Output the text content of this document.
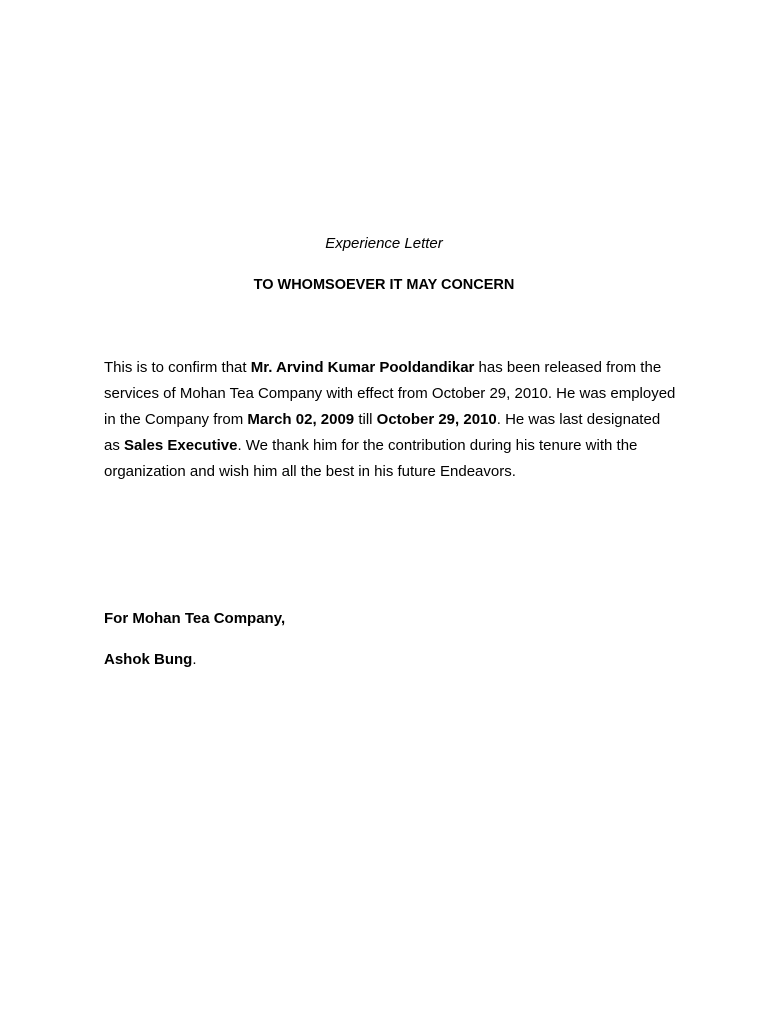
Experience Letter
TO WHOMSOEVER IT MAY CONCERN
This is to confirm that Mr. Arvind Kumar Pooldandikar has been released from the services of Mohan Tea Company with effect from October 29, 2010. He was employed in the Company from March 02, 2009 till October 29, 2010. He was last designated as Sales Executive. We thank him for the contribution during his tenure with the organization and wish him all the best in his future Endeavors.
For Mohan Tea Company,
Ashok Bung.
